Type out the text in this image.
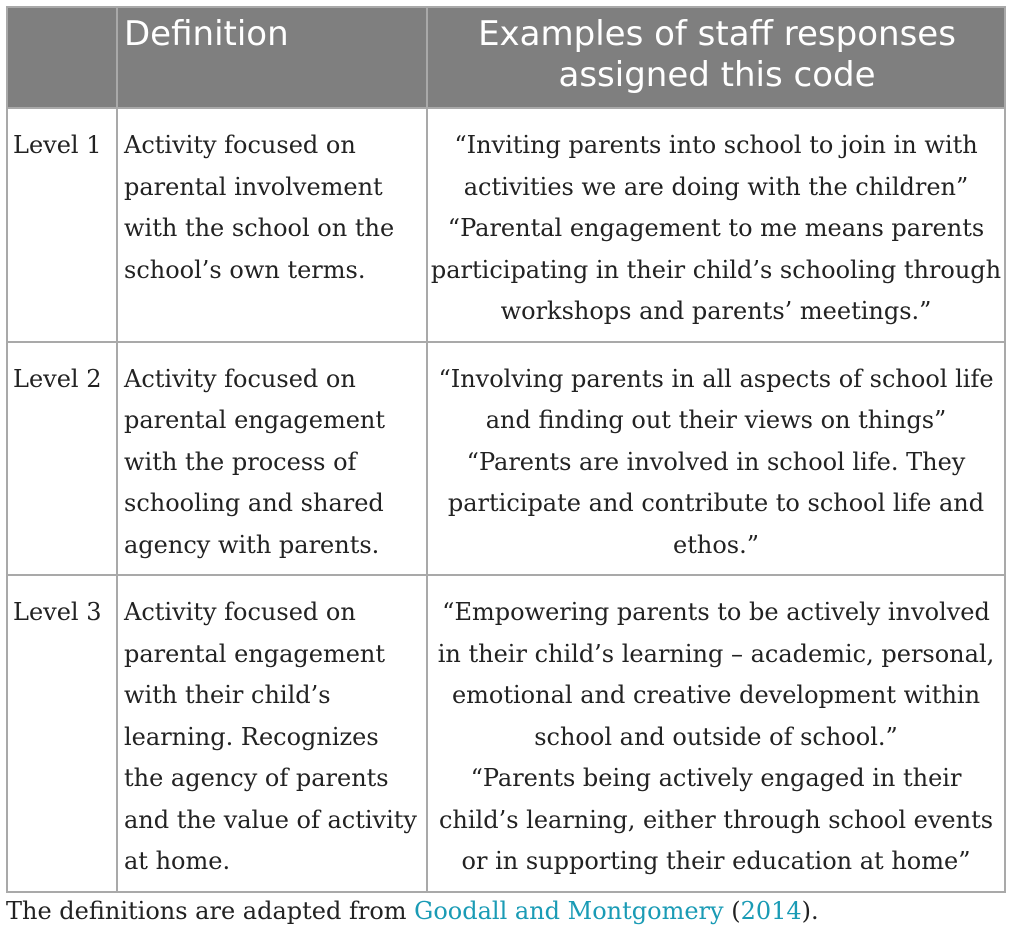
	Definition	Examples of staff responses assigned this code
Level 1	Activity focused on parental involvement with the school on the school’s own terms.	“Inviting parents into school to join in with activities we are doing with the children”
“Parental engagement to me means parents participating in their child’s schooling through workshops and parents’ meetings.”

Level 2	Activity focused on parental engagement with the process of schooling and shared agency with parents.	“Involving parents in all aspects of school life and finding out their views on things”
“Parents are involved in school life. They participate and contribute to school life and ethos.”

Level 3	Activity focused on parental engagement with their child’s learning. Recognizes the agency of parents and the value of activity at home.	“Empowering parents to be actively involved in their child’s learning – academic, personal, emotional and creative development within school and outside of school.”
“Parents being actively engaged in their child’s learning, either through school events or in supporting their education at home”
The definitions are adapted from Goodall and Montgomery (2014).
